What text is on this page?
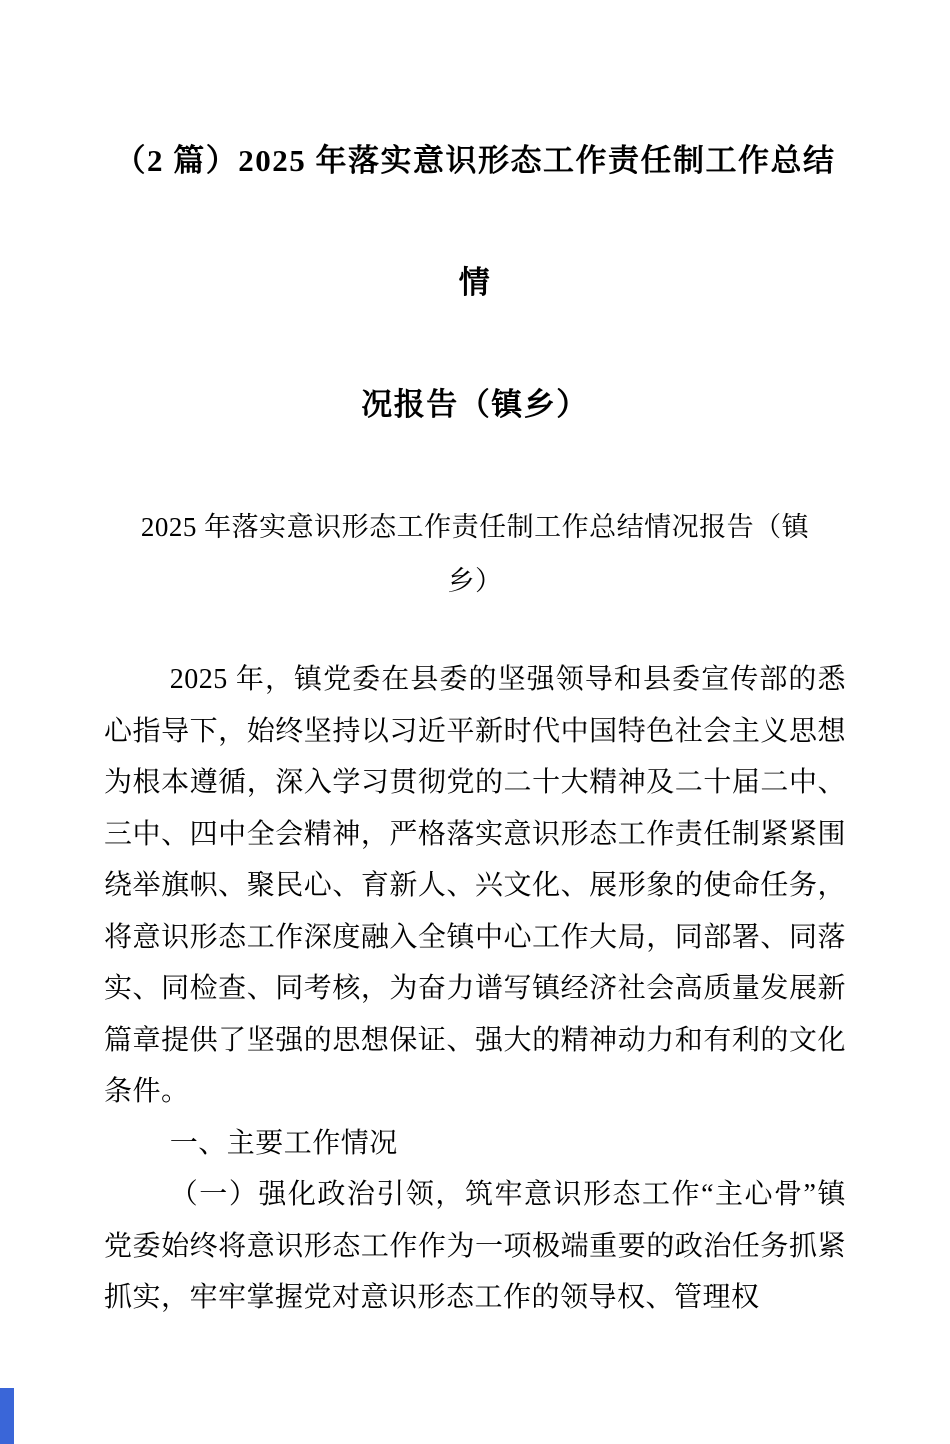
（2 篇）2025 年落实意识形态工作责任制工作总结情
况报告（镇乡）
2025 年落实意识形态工作责任制工作总结情况报告（镇
乡）

2025 年，镇党委在县委的坚强领导和县委宣传部的悉心指导下，始终坚持以习近平新时代中国特色社会主义思想为根本遵循，深入学习贯彻党的二十大精神及二十届二中、三中、四中全会精神，严格落实意识形态工作责任制紧紧围绕举旗帜、聚民心、育新人、兴文化、展形象的使命任务，将意识形态工作深度融入全镇中心工作大局，同部署、同落实、同检查、同考核，为奋力谱写镇经济社会高质量发展新篇章提供了坚强的思想保证、强大的精神动力和有利的文化条件。

一、主要工作情况

（一）强化政治引领，筑牢意识形态工作“主心骨”镇党委始终将意识形态工作作为一项极端重要的政治任务抓紧抓实，牢牢掌握党对意识形态工作的领导权、管理权
